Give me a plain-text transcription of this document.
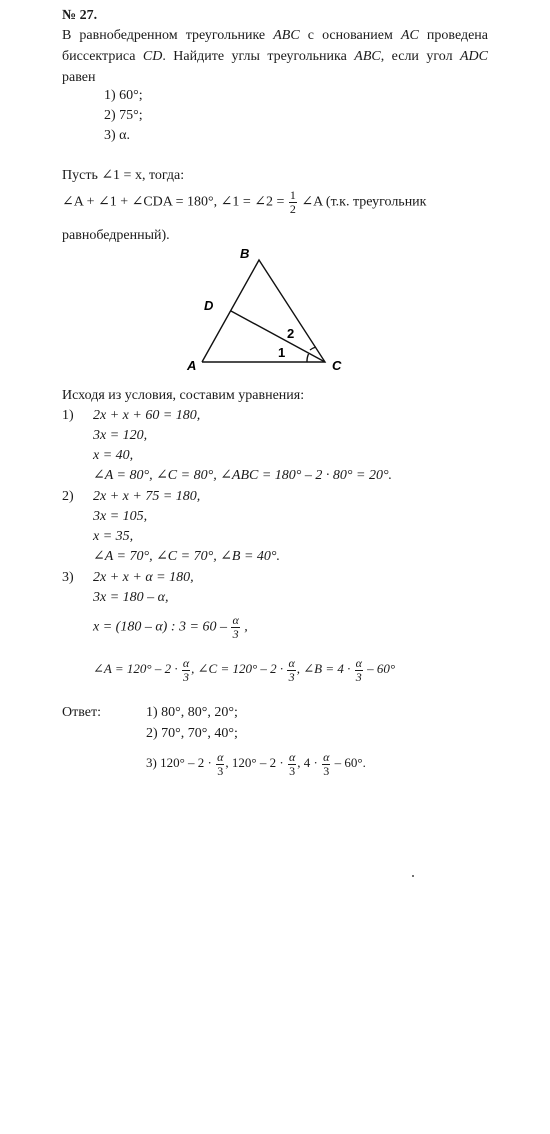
№ 27.
В равнобедренном треугольнике ABC с основанием AC проведена биссектриса CD. Найдите углы треугольника ABC, если угол ADC равен
1) 60°;
2) 75°;
3) α.
Пусть ∠1 = x, тогда:
∠A + ∠1 + ∠CDA = 180°, ∠1 = ∠2 = $\frac{1}{2}$ ∠A (т.к. треугольник
равнобедренный).
B
D
A	C
1
2
Исходя из условия, составим уравнения:
1) 2x + x + 60 = 180,
3x = 120,
x = 40,
∠A = 80°, ∠C = 80°, ∠ABC = 180° – 2 · 80° = 20°.
2) 2x + x + 75 = 180,
3x = 105,
x = 35,
∠A = 70°, ∠C = 70°, ∠B = 40°.
3) 2x + x + α = 180,
3x = 180 – α,
x = (180 – α) : $3 = 60 - \frac{\alpha}{3}$ ,
∠A = $120^\circ - 2 \cdot \frac{\alpha}{3}$ , ∠C = $120^\circ - 2 \cdot \frac{\alpha}{3}$ , ∠B = $4 \cdot \frac{\alpha}{3} - 60^\circ$
Ответ:	1) 80°, 80°, 20°;
2) 70°, 70°, 40°;
3) $120^\circ - 2 \cdot \frac{\alpha}{3}$ , $120^\circ - 2 \cdot \frac{\alpha}{3}$ , $4 \cdot \frac{\alpha}{3} - 60^\circ$.
